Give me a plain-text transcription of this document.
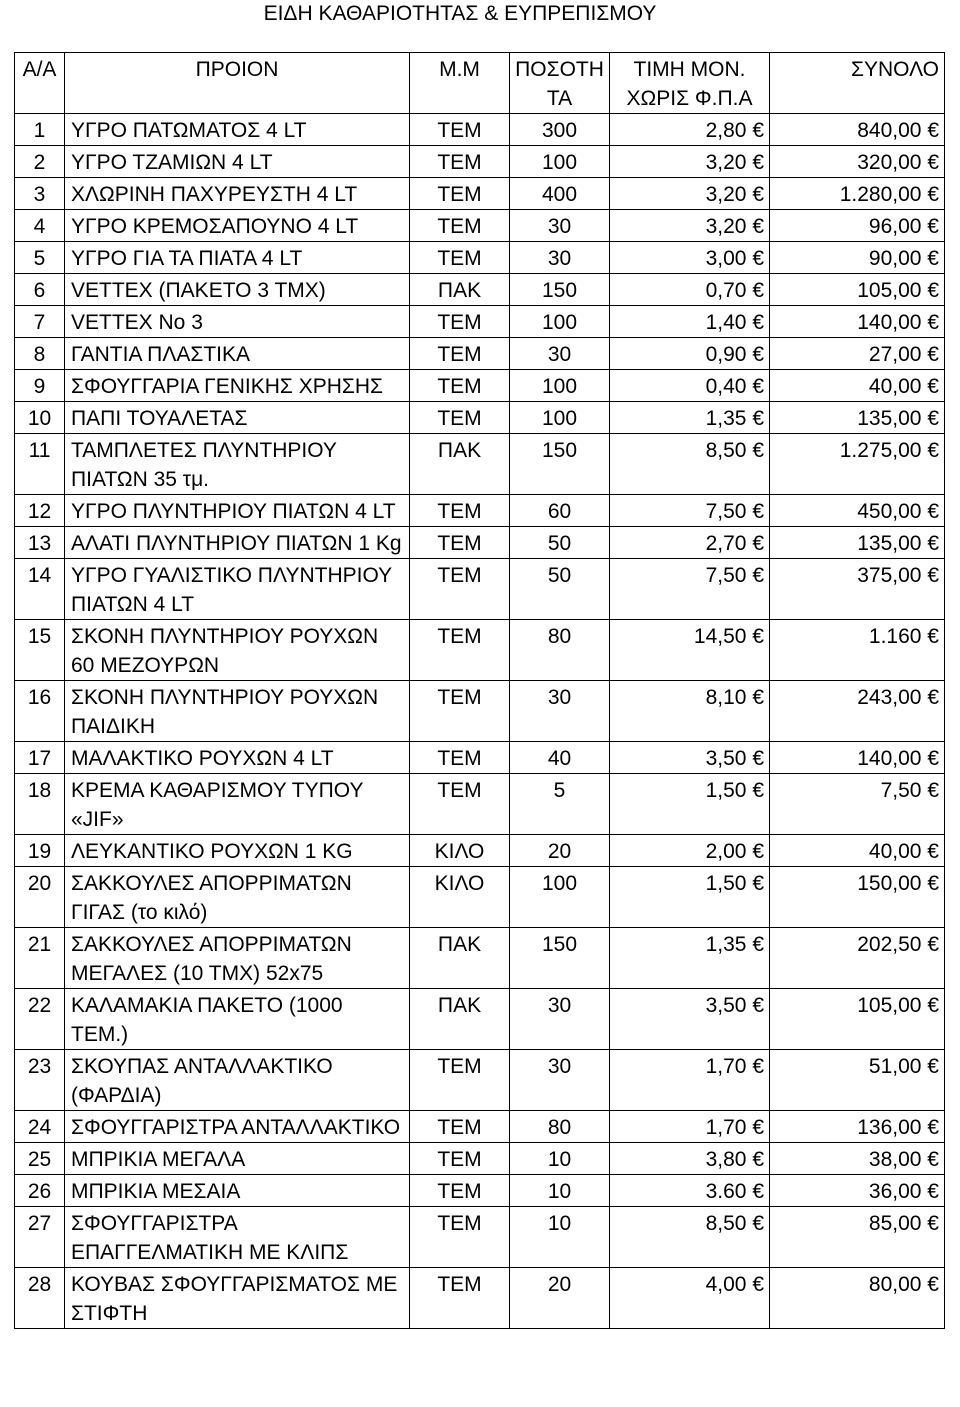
ΕΙΔΗ ΚΑΘΑΡΙΟΤΗΤΑΣ & ΕΥΠΡΕΠΙΣΜΟΥ
Α/Α	ΠΡΟΙΟΝ	Μ.Μ	ΠΟΣΟΤΗ ΤΑ	ΤΙΜΗ ΜΟΝ. ΧΩΡΙΣ Φ.Π.Α	ΣΥΝΟΛΟ
1	ΥΓΡΟ ΠΑΤΩΜΑΤΟΣ 4 LT	ΤΕΜ	300	2,80 €	840,00 €
2	ΥΓΡΟ ΤΖΑΜΙΩΝ 4 LT	ΤΕΜ	100	3,20 €	320,00 €
3	ΧΛΩΡΙΝΗ ΠΑΧΥΡΕΥΣΤΗ 4 LT	ΤΕΜ	400	3,20 €	1.280,00 €
4	ΥΓΡΟ ΚΡΕΜΟΣΑΠΟΥΝΟ 4 LT	ΤΕΜ	30	3,20 €	96,00 €
5	ΥΓΡΟ ΓΙΑ ΤΑ ΠΙΑΤΑ 4 LT	ΤΕΜ	30	3,00 €	90,00 €
6	VETTEX (ΠΑΚΕΤΟ 3 ΤΜΧ)	ΠΑΚ	150	0,70 €	105,00 €
7	VETTEX No 3	ΤΕΜ	100	1,40 €	140,00 €
8	ΓΑΝΤΙΑ ΠΛΑΣΤΙΚΑ	ΤΕΜ	30	0,90 €	27,00 €
9	ΣΦΟΥΓΓΑΡΙΑ ΓΕΝΙΚΗΣ ΧΡΗΣΗΣ	ΤΕΜ	100	0,40 €	40,00 €
10	ΠΑΠΙ ΤΟΥΑΛΕΤΑΣ	ΤΕΜ	100	1,35 €	135,00 €
11	ΤΑΜΠΛΕΤΕΣ ΠΛΥΝΤΗΡΙΟΥ ΠΙΑΤΩΝ 35 τμ.	ΠΑΚ	150	8,50 €	1.275,00 €
12	ΥΓΡΟ ΠΛΥΝΤΗΡΙΟΥ ΠΙΑΤΩΝ 4 LT	ΤΕΜ	60	7,50 €	450,00 €
13	ΑΛΑΤΙ ΠΛΥΝΤΗΡΙΟΥ ΠΙΑΤΩΝ 1 Kg	ΤΕΜ	50	2,70 €	135,00 €
14	ΥΓΡΟ ΓΥΑΛΙΣΤΙΚΟ ΠΛΥΝΤΗΡΙΟΥ ΠΙΑΤΩΝ 4 LT	ΤΕΜ	50	7,50 €	375,00 €
15	ΣΚΟΝΗ ΠΛΥΝΤΗΡΙΟΥ ΡΟΥΧΩΝ 60 ΜΕΖΟΥΡΩΝ	ΤΕΜ	80	14,50 €	1.160 €
16	ΣΚΟΝΗ ΠΛΥΝΤΗΡΙΟΥ ΡΟΥΧΩΝ ΠΑΙΔΙΚΗ	ΤΕΜ	30	8,10 €	243,00 €
17	ΜΑΛΑΚΤΙΚΟ ΡΟΥΧΩΝ 4 LT	ΤΕΜ	40	3,50 €	140,00 €
18	ΚΡΕΜΑ ΚΑΘΑΡΙΣΜΟΥ ΤΥΠΟΥ «JIF»	ΤΕΜ	5	1,50 €	7,50 €
19	ΛΕΥΚΑΝΤΙΚΟ ΡΟΥΧΩΝ 1 KG	ΚΙΛΟ	20	2,00 €	40,00 €
20	ΣΑΚΚΟΥΛΕΣ ΑΠΟΡΡΙΜΑΤΩΝ ΓΙΓΑΣ (το κιλό)	ΚΙΛΟ	100	1,50 €	150,00 €
21	ΣΑΚΚΟΥΛΕΣ ΑΠΟΡΡΙΜΑΤΩΝ ΜΕΓΑΛΕΣ (10 ΤΜΧ) 52x75	ΠΑΚ	150	1,35 €	202,50 €
22	ΚΑΛΑΜΑΚΙΑ ΠΑΚΕΤΟ (1000 ΤΕΜ.)	ΠΑΚ	30	3,50 €	105,00 €
23	ΣΚΟΥΠΑΣ ΑΝΤΑΛΛΑΚΤΙΚΟ (ΦΑΡΔΙΑ)	ΤΕΜ	30	1,70 €	51,00 €
24	ΣΦΟΥΓΓΑΡΙΣΤΡΑ ΑΝΤΑΛΛΑΚΤΙΚΟ	ΤΕΜ	80	1,70 €	136,00 €
25	ΜΠΡΙΚΙΑ ΜΕΓΑΛΑ	ΤΕΜ	10	3,80 €	38,00 €
26	ΜΠΡΙΚΙΑ ΜΕΣΑΙΑ	ΤΕΜ	10	3.60 €	36,00 €
27	ΣΦΟΥΓΓΑΡΙΣΤΡΑ ΕΠΑΓΓΕΛΜΑΤΙΚΗ ΜΕ ΚΛΙΠΣ	ΤΕΜ	10	8,50 €	85,00 €
28	ΚΟΥΒΑΣ ΣΦΟΥΓΓΑΡΙΣΜΑΤΟΣ ΜΕ ΣΤΙΦΤΗ	ΤΕΜ	20	4,00 €	80,00 €
